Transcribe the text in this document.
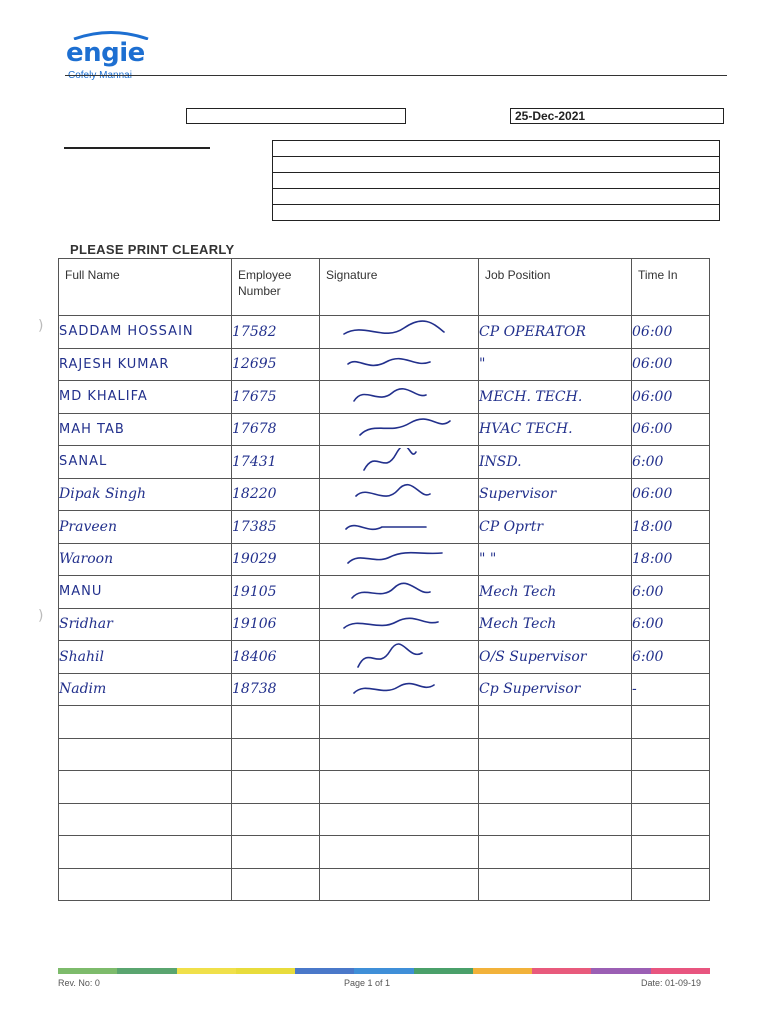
engie
25-Dec-2021
PLEASE PRINT CLEARLY
)
)
Full Name	Employee Number	Signature	Job Position	Time In
SADDAM HOSSAIN	17582		CP OPERATOR	06:00
RAJESH KUMAR	12695		"	06:00
MD KHALIFA	17675		MECH. TECH.	06:00
MAH TAB	17678		HVAC TECH.	06:00
SANAL	17431		INSD.	6:00
Dipak Singh	18220		Supervisor	06:00
Praveen	17385		CP Oprtr	18:00
Waroon	19029		" "	18:00
MANU	19105		Mech Tech	6:00
Sridhar	19106		Mech Tech	6:00
Shahil	18406		O/S Supervisor	6:00
Nadim	18738		Cp Supervisor	-

Rev. No: 0	Page 1 of 1	Date: 01-09-19
